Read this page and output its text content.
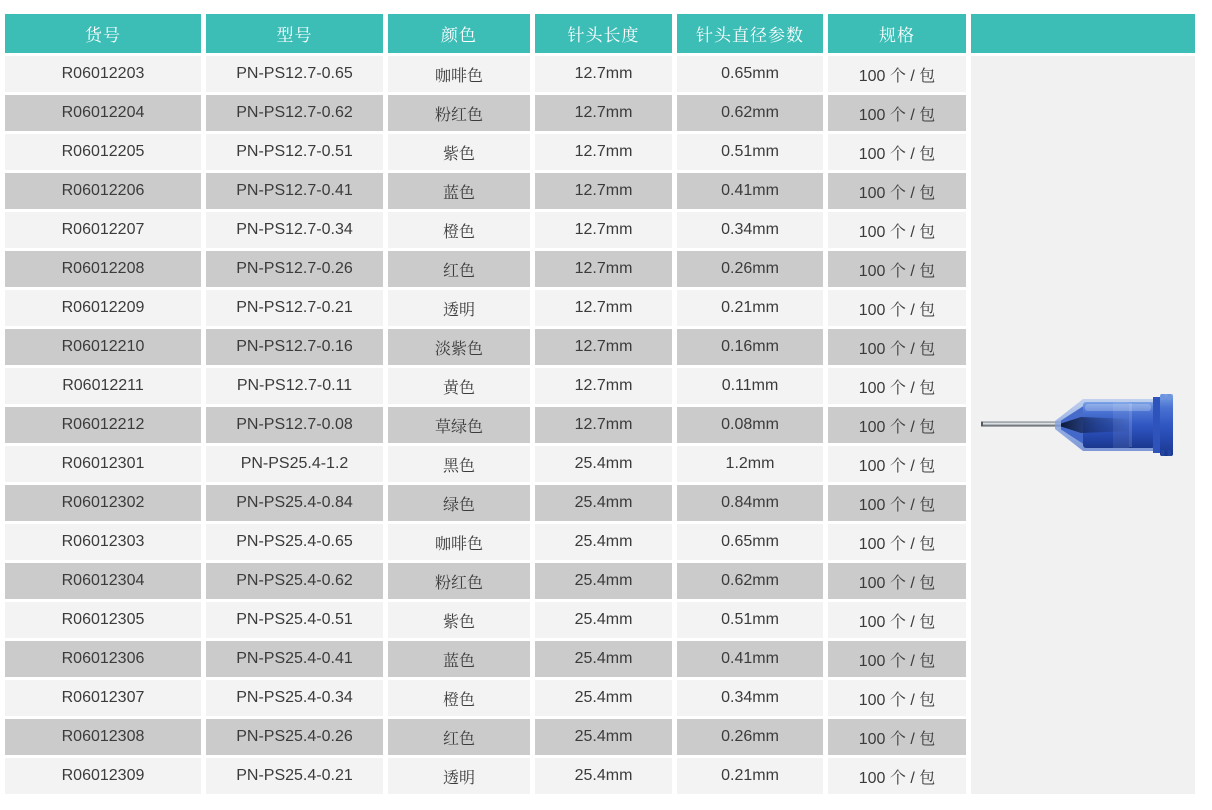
货号	型号	颜色	针头长度	针头直径参数	规格	
R06012203	PN-PS12.7-0.65	咖啡色	12.7mm	0.65mm	100 个 / 包	

R06012204	PN-PS12.7-0.62	粉红色	12.7mm	0.62mm	100 个 / 包	
R06012205	PN-PS12.7-0.51	紫色	12.7mm	0.51mm	100 个 / 包	
R06012206	PN-PS12.7-0.41	蓝色	12.7mm	0.41mm	100 个 / 包	
R06012207	PN-PS12.7-0.34	橙色	12.7mm	0.34mm	100 个 / 包	
R06012208	PN-PS12.7-0.26	红色	12.7mm	0.26mm	100 个 / 包	
R06012209	PN-PS12.7-0.21	透明	12.7mm	0.21mm	100 个 / 包	
R06012210	PN-PS12.7-0.16	淡紫色	12.7mm	0.16mm	100 个 / 包	
R06012211	PN-PS12.7-0.11	黄色	12.7mm	0.11mm	100 个 / 包	
R06012212	PN-PS12.7-0.08	草绿色	12.7mm	0.08mm	100 个 / 包	
R06012301	PN-PS25.4-1.2	黑色	25.4mm	1.2mm	100 个 / 包	
R06012302	PN-PS25.4-0.84	绿色	25.4mm	0.84mm	100 个 / 包	
R06012303	PN-PS25.4-0.65	咖啡色	25.4mm	0.65mm	100 个 / 包	
R06012304	PN-PS25.4-0.62	粉红色	25.4mm	0.62mm	100 个 / 包	
R06012305	PN-PS25.4-0.51	紫色	25.4mm	0.51mm	100 个 / 包	
R06012306	PN-PS25.4-0.41	蓝色	25.4mm	0.41mm	100 个 / 包	
R06012307	PN-PS25.4-0.34	橙色	25.4mm	0.34mm	100 个 / 包	
R06012308	PN-PS25.4-0.26	红色	25.4mm	0.26mm	100 个 / 包	
R06012309	PN-PS25.4-0.21	透明	25.4mm	0.21mm	100 个 / 包	
